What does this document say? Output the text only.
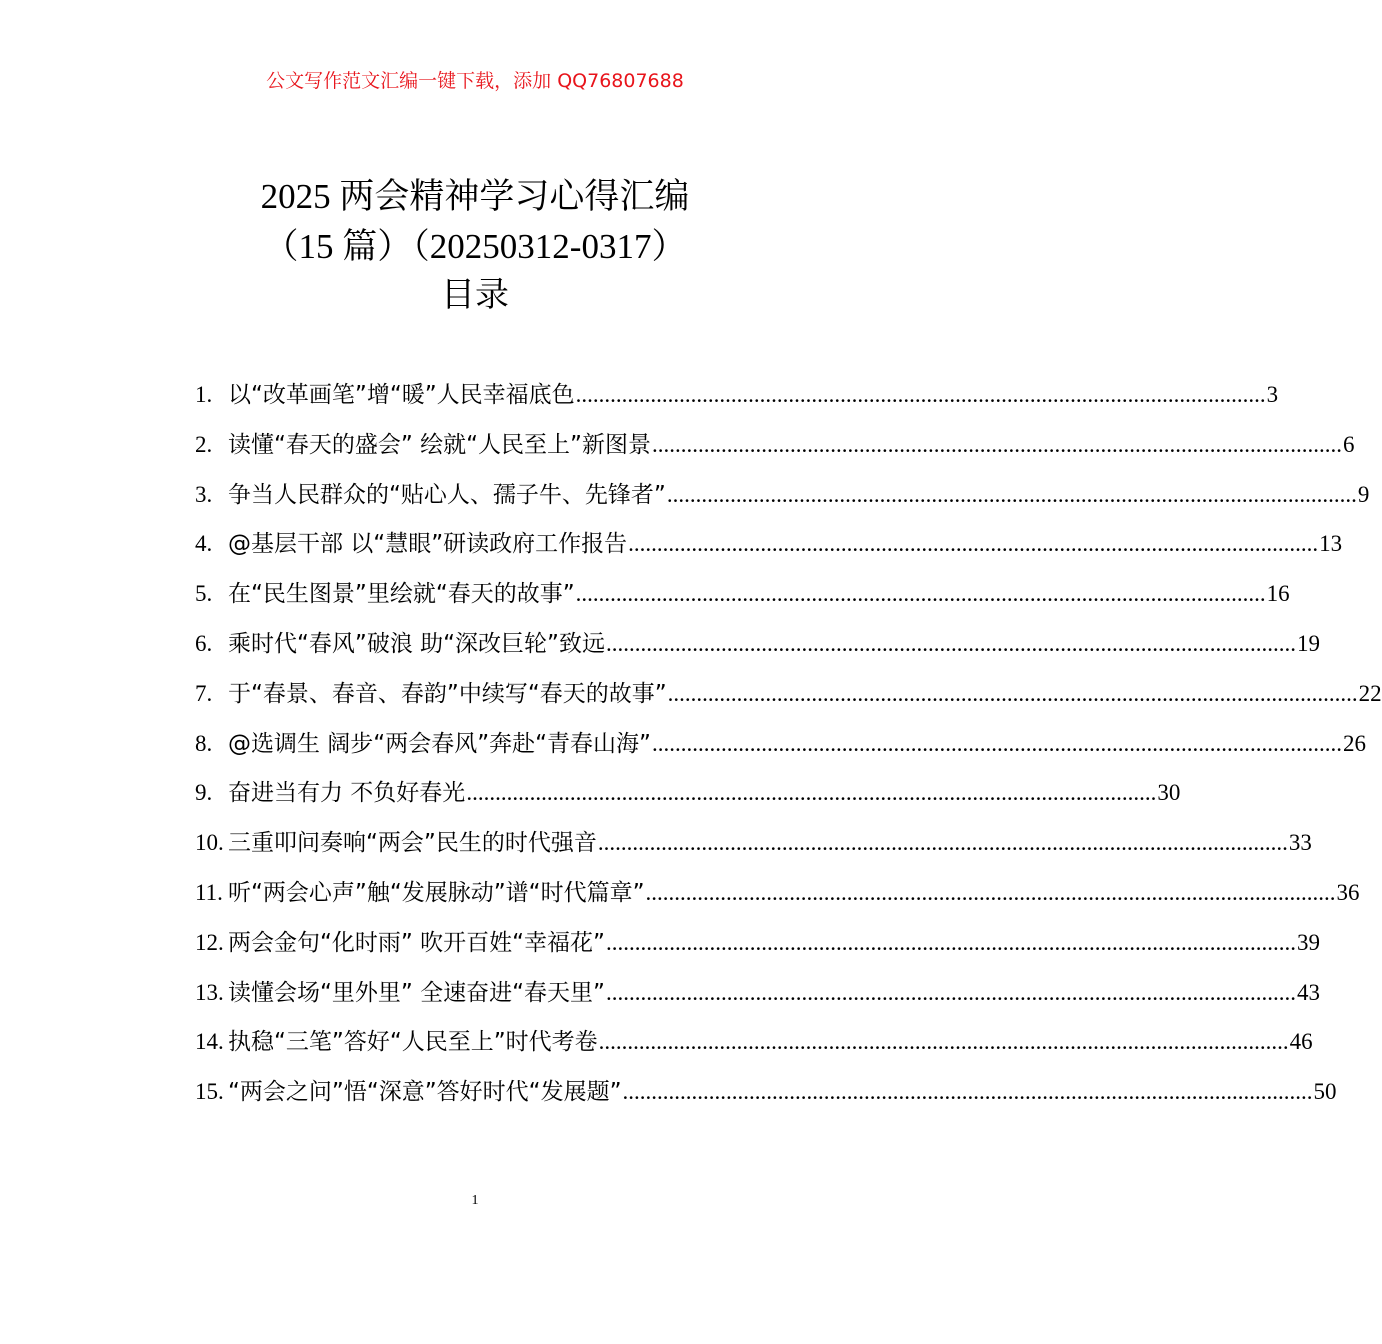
公文写作范文汇编一键下载，添加 QQ76807688
2025 两会精神学习心得汇编
（15 篇）（20250312-0317）
目录
1. 以“改革画笔”增“暖”人民幸福底色 .....	3
2. 读懂“春天的盛会” 绘就“人民至上”新图景 .....	6
3. 争当人民群众的“贴心人、孺子牛、先锋者” .....	9
4. @基层干部 以“慧眼”研读政府工作报告 .....	13
5. 在“民生图景”里绘就“春天的故事” .....	16
6. 乘时代“春风”破浪 助“深改巨轮”致远 .....	19
7. 于“春景、春音、春韵”中续写“春天的故事” .....	22
8. @选调生 阔步“两会春风”奔赴“青春山海” .....	26
9. 奋进当有力 不负好春光 .....	30
10. 三重叩问奏响“两会”民生的时代强音 .....	33
11. 听“两会心声”触“发展脉动”谱“时代篇章” .....	36
12. 两会金句“化时雨” 吹开百姓“幸福花” .....	39
13. 读懂会场“里外里” 全速奋进“春天里” .....	43
14. 执稳“三笔”答好“人民至上”时代考卷 .....	46
15. “两会之问”悟“深意”答好时代“发展题” .....	50
1
